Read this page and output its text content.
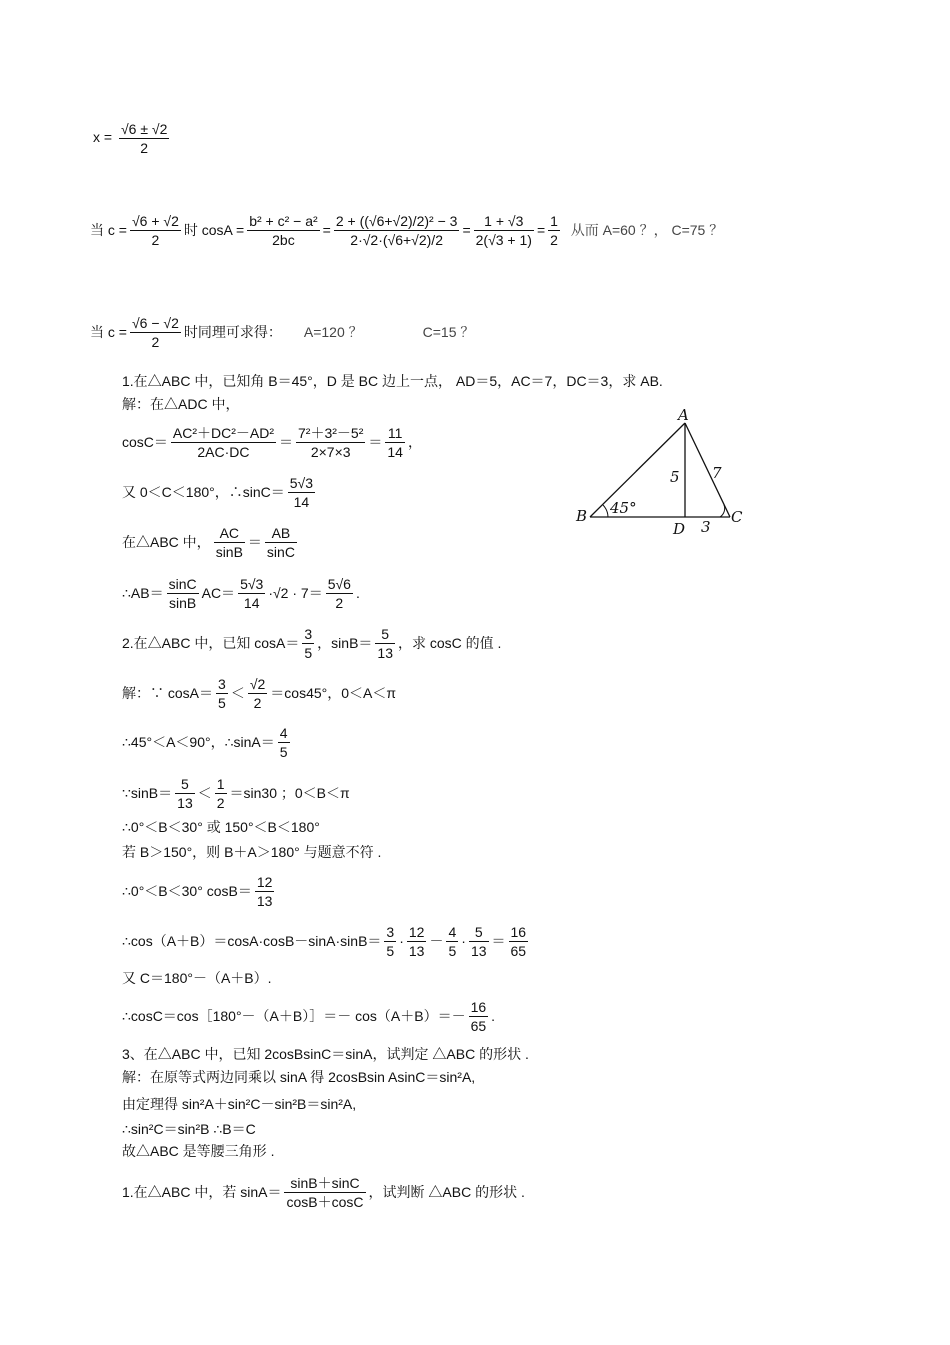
$x = \frac{√6 \pm √2}{2}$
当
$c = \frac{√6 + √2}{2}$ 时 $\cos A = \frac{\text{b² + c² − a²}}{2bc} = \frac{\text{2 + ((√6+√2)/2)² − 3}}{2\cdot√2\cdot(√6+√2)/2} = \frac{1 + √3}{2(√3 + 1)} = \frac{1}{2}$
从而 A=60 ？， C=75 ？
当
$c = \frac{√6 - √2}{2}$ 时同理可求得： A=120 ？	C=15 ？
1.在△ABC 中，已知角 B＝45°，D 是 BC 边上一点， AD＝5，AC＝7，DC＝3，求 AB.
解：在△ADC 中，
$\cos C= \frac{\text{AC²＋DC²－AD²}}{2AC\cdot DC} = \frac{\text{7²＋3²－5²}}{2\times 7\times 3} = \frac{11}{14}$ ，
又 0＜C＜180°，∴sinC＝ $\frac{5√3}{14}$
在△ABC 中， $\frac{AC}{\sin B} = \frac{AB}{\sin C}$
∴AB＝ $\frac{\sin C}{\sin B} AC= \frac{5√3}{14} \cdot√2 \cdot 7= \frac{5√6}{2}$ .
A
B	C
D
5 7
3
45°
2.在△ABC 中，已知 $\cos A= \frac{3}{5}$ ，$\sin B= \frac{5}{13}$ ，求 cosC 的值 .
解：∵ $\cos A= \frac{3}{5} < \frac{√2}{2} =\cos 45^\circ$，0＜A＜π
∴45°＜A＜90°，∴sinA＝ $\frac{4}{5}$
∵sinB＝ $\frac{5}{13} < \frac{1}{2} =\sin 30$ ；0＜B＜π
∴0°＜B＜30° 或 150°＜B＜180°
若 B＞150°，则 B＋A＞180° 与题意不符 .
∴0°＜B＜30° $\cos B= \frac{12}{13}$
∴cos（A＋B）＝cosA·cosB－sinA·sinB＝ $\frac{3}{5} \cdot \frac{12}{13} - \frac{4}{5} \cdot \frac{5}{13} = \frac{16}{65}$
又 C＝180°－（A＋B）.
∴cosC＝cos［180°－（A＋B）］＝－ $\cos(A+B)=- \frac{16}{65}$ .
3、在△ABC 中，已知 2cosBsinC＝sinA，试判定 △ABC 的形状 .
解：在原等式两边同乘以 sinA 得 2cosBsin AsinC＝sin²A,
由定理得 sin²A＋sin²C－sin²B＝sin²A,
∴sin²C＝sin²B ∴B＝C
故△ABC 是等腰三角形 .
1.在△ABC 中，若 $\sin A= \frac{\sin B+\sin C}{\cos B+\cos C}$ ，试判断 △ABC 的形状 .
